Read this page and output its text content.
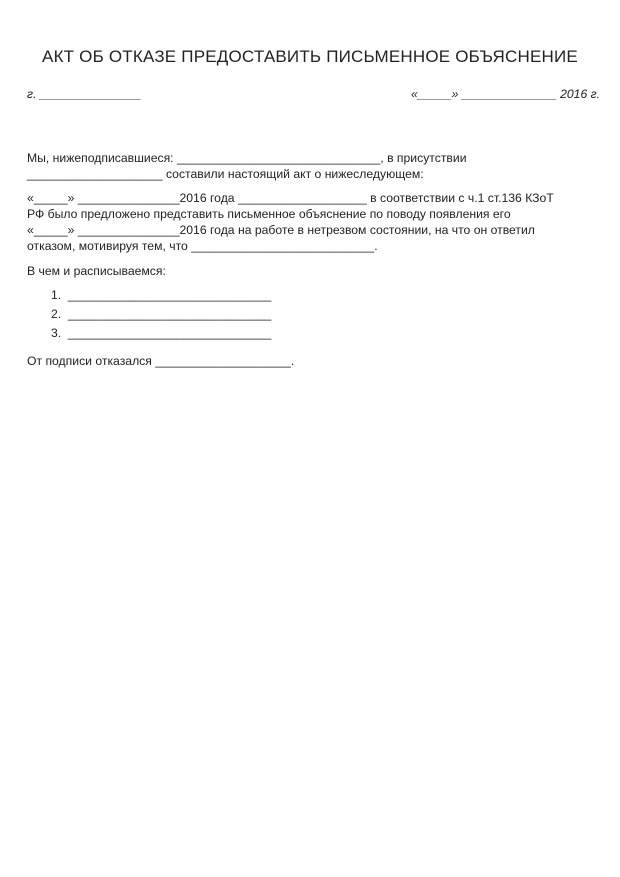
АКТ ОБ ОТКАЗЕ ПРЕДОСТАВИТЬ ПИСЬМЕННОЕ ОБЪЯСНЕНИЕ
г. _______________	«_____» ______________ 2016 г.
Мы, нижеподписавшиеся: ______________________________, в присутствии
____________________ составили настоящий акт о нижеследующем:
«_____» _______________2016 года ___________________ в соответствии с ч.1 ст.136 КЗоТ
РФ было предложено представить письменное объяснение по поводу появления его
«_____» _______________2016 года на работе в нетрезвом состоянии, на что он ответил
отказом, мотивируя тем, что ___________________________.
В чем и расписываемся:
1.  ______________________________
2.  ______________________________
3.  ______________________________
От подписи отказался ____________________.
